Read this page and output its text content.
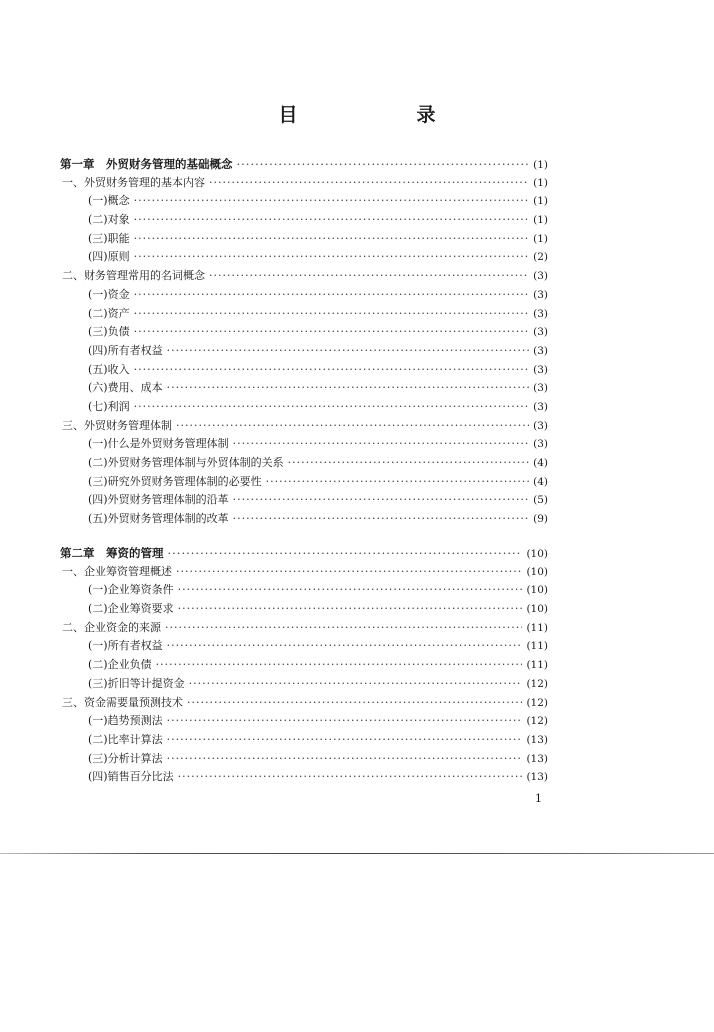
目　录
第一章　外贸财务管理的基础概念 ·····	(1)
一、外贸财务管理的基本内容 ·····	(1)
(一)概念 ·····	(1)
(二)对象 ·····	(1)
(三)职能 ·····	(1)
(四)原则 ·····	(2)
二、财务管理常用的名词概念 ·····	(3)
(一)资金 ·····	(3)
(二)资产 ·····	(3)
(三)负债 ·····	(3)
(四)所有者权益 ·····	(3)
(五)收入 ·····	(3)
(六)费用、成本 ·····	(3)
(七)利润 ·····	(3)
三、外贸财务管理体制 ·····	(3)
(一)什么是外贸财务管理体制 ·····	(3)
(二)外贸财务管理体制与外贸体制的关系 ·····	(4)
(三)研究外贸财务管理体制的必要性 ·····	(4)
(四)外贸财务管理体制的沿革 ·····	(5)
(五)外贸财务管理体制的改革 ·····	(9)
第二章　筹资的管理 ·····	(10)
一、企业筹资管理概述 ·····	(10)
(一)企业筹资条件 ·····	(10)
(二)企业筹资要求 ·····	(10)
二、企业资金的来源 ·····	(11)
(一)所有者权益 ·····	(11)
(二)企业负债 ·····	(11)
(三)折旧等计提资金 ·····	(12)
三、资金需要量预测技术 ·····	(12)
(一)趋势预测法 ·····	(12)
(二)比率计算法 ·····	(13)
(三)分析计算法 ·····	(13)
(四)销售百分比法 ·····	(13)
1
